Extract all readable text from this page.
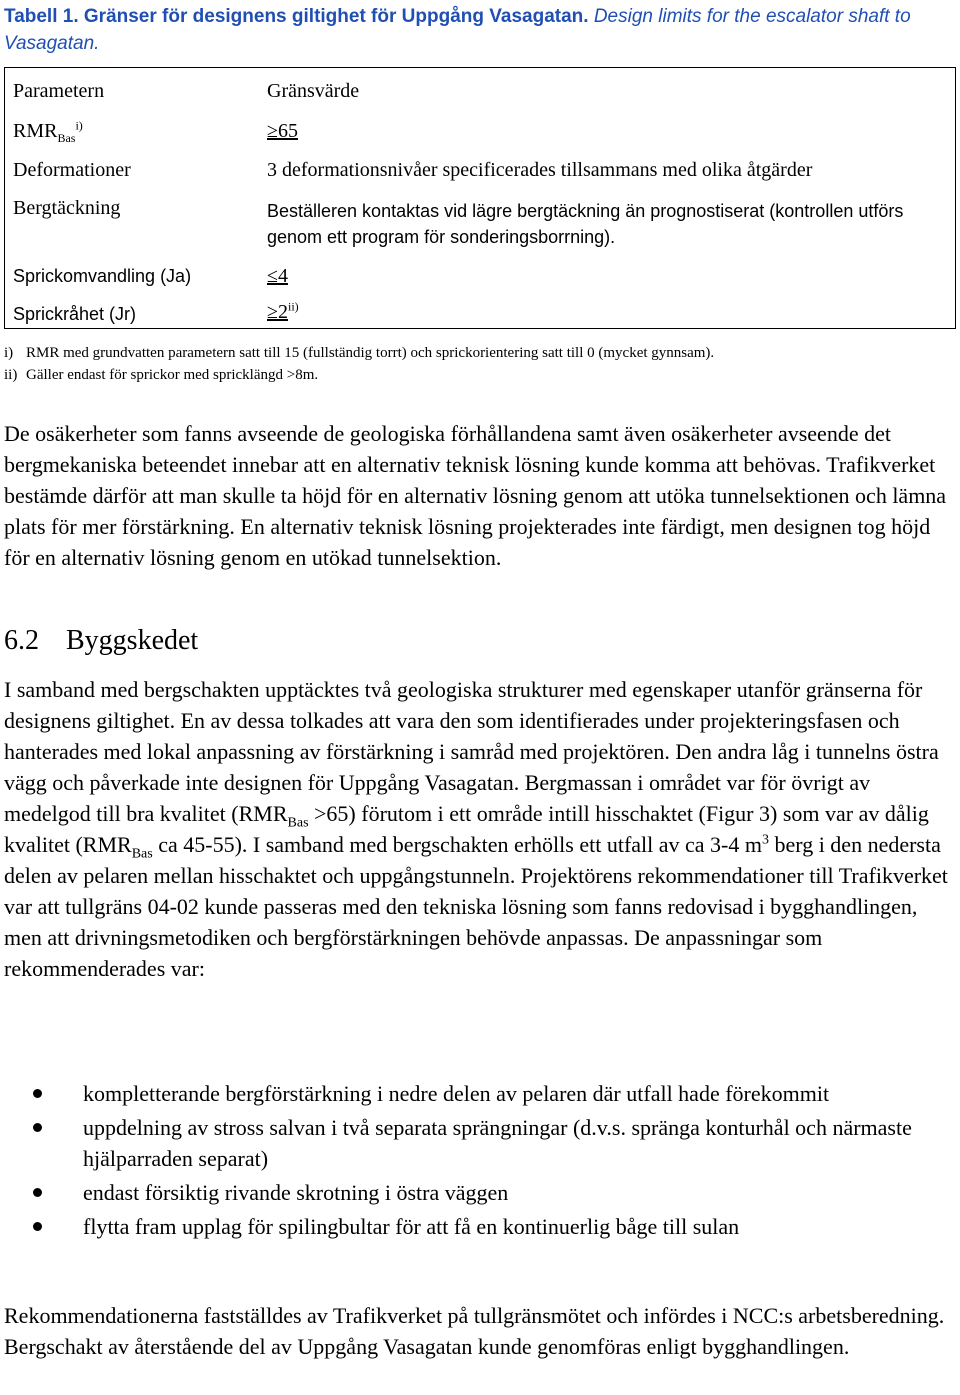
Tabell 1. Gränser för designens giltighet för Uppgång Vasagatan. Design limits for the escalator shaft to Vasagatan.
Parametern	Gränsvärde
$RMR_{Bas}^{i)}$	≥65
Deformationer	3 deformationsnivåer specificerades tillsammans med olika åtgärder
Bergtäckning	Beställeren kontaktas vid lägre bergtäckning än prognostiserat (kontrollen utförs genom ett program för sonderingsborrning).
Sprickomvandling (Ja)	≤4
Sprickråhet (Jr)	$\ge 2^{ii)}$
i) RMR med grundvatten parametern satt till 15 (fullständig torrt) och sprickorientering satt till 0 (mycket gynnsam).
ii) Gäller endast för sprickor med spricklängd >8m.
De osäkerheter som fanns avseende de geologiska förhållandena samt även osäkerheter avseende det bergmekaniska beteendet innebar att en alternativ teknisk lösning kunde komma att behövas. Trafikverket bestämde därför att man skulle ta höjd för en alternativ lösning genom att utöka tunnelsektionen och lämna plats för mer förstärkning. En alternativ teknisk lösning projekterades inte färdigt, men designen tog höjd för en alternativ lösning genom en utökad tunnelsektion.
6.2 Byggskedet
I samband med bergschakten upptäcktes två geologiska strukturer med egenskaper utanför gränserna för designens giltighet. En av dessa tolkades att vara den som identifierades under projekteringsfasen och hanterades med lokal anpassning av förstärkning i samråd med projektören. Den andra låg i tunnelns östra vägg och påverkade inte designen för Uppgång Vasagatan. Bergmassan i området var för övrigt av medelgod till bra kvalitet $(RMR_{Bas} >65)$ förutom i ett område intill hisschaktet (Figur 3) som var av dålig kvalitet ($RMR_{Bas}$ ca 45-55). I samband med bergschakten erhölls ett utfall av ca 3-4 $m^3$ berg i den nedersta delen av pelaren mellan hisschaktet och uppgångstunneln. Projektörens rekommendationer till Trafikverket var att tullgräns 04-02 kunde passeras med den tekniska lösning som fanns redovisad i bygghandlingen, men att drivningsmetodiken och bergförstärkningen behövde anpassas. De anpassningar som rekommenderades var:
kompletterande bergförstärkning i nedre delen av pelaren där utfall hade förekommit
uppdelning av stross salvan i två separata sprängningar (d.v.s. spränga konturhål och närmaste hjälparraden separat)
endast försiktig rivande skrotning i östra väggen
flytta fram upplag för spilingbultar för att få en kontinuerlig båge till sulan
Rekommendationerna fastställdes av Trafikverket på tullgränsmötet och infördes i NCC:s arbetsberedning. Bergschakt av återstående del av Uppgång Vasagatan kunde genomföras enligt bygghandlingen.
